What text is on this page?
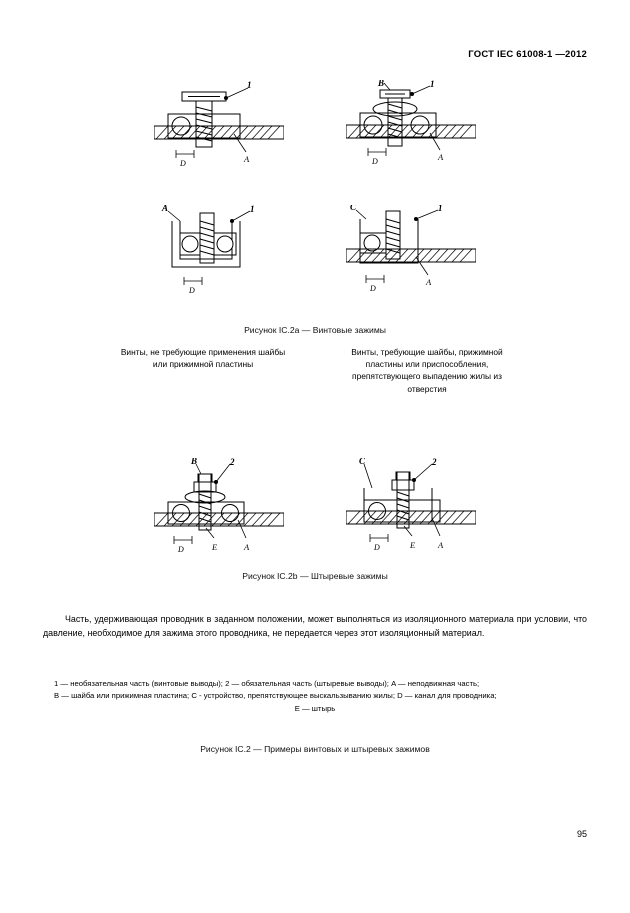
ГОСТ IEC 61008-1 —2012
1
D	A
B	1
D	A
A	1
D
C	1
D
A
Рисунок IC.2a — Винтовые зажимы
Винты, не требующие применения шайбы или прижимной пластины
Винты, требующие шайбы, прижимной пластины или приспособления, препятствующего выпадению жилы из отверстия
B	2
D	E	A
C	2
D	E	A
Рисунок IC.2b — Штыревые зажимы
Часть, удерживающая проводник в заданном положении, может выполняться из изоляционного материала при условии, что давление, необходимое для зажима этого проводника, не передается через этот изоляционный материал.
1 — необязательная часть (винтовые выводы); 2 — обязательная часть (штыревые выводы); A — неподвижная часть;
B — шайба или прижимная пластина; C - устройство, препятствующее выскальзыванию жилы; D — канал для проводника;
E — штырь
Рисунок IC.2 — Примеры винтовых и штыревых зажимов
95
